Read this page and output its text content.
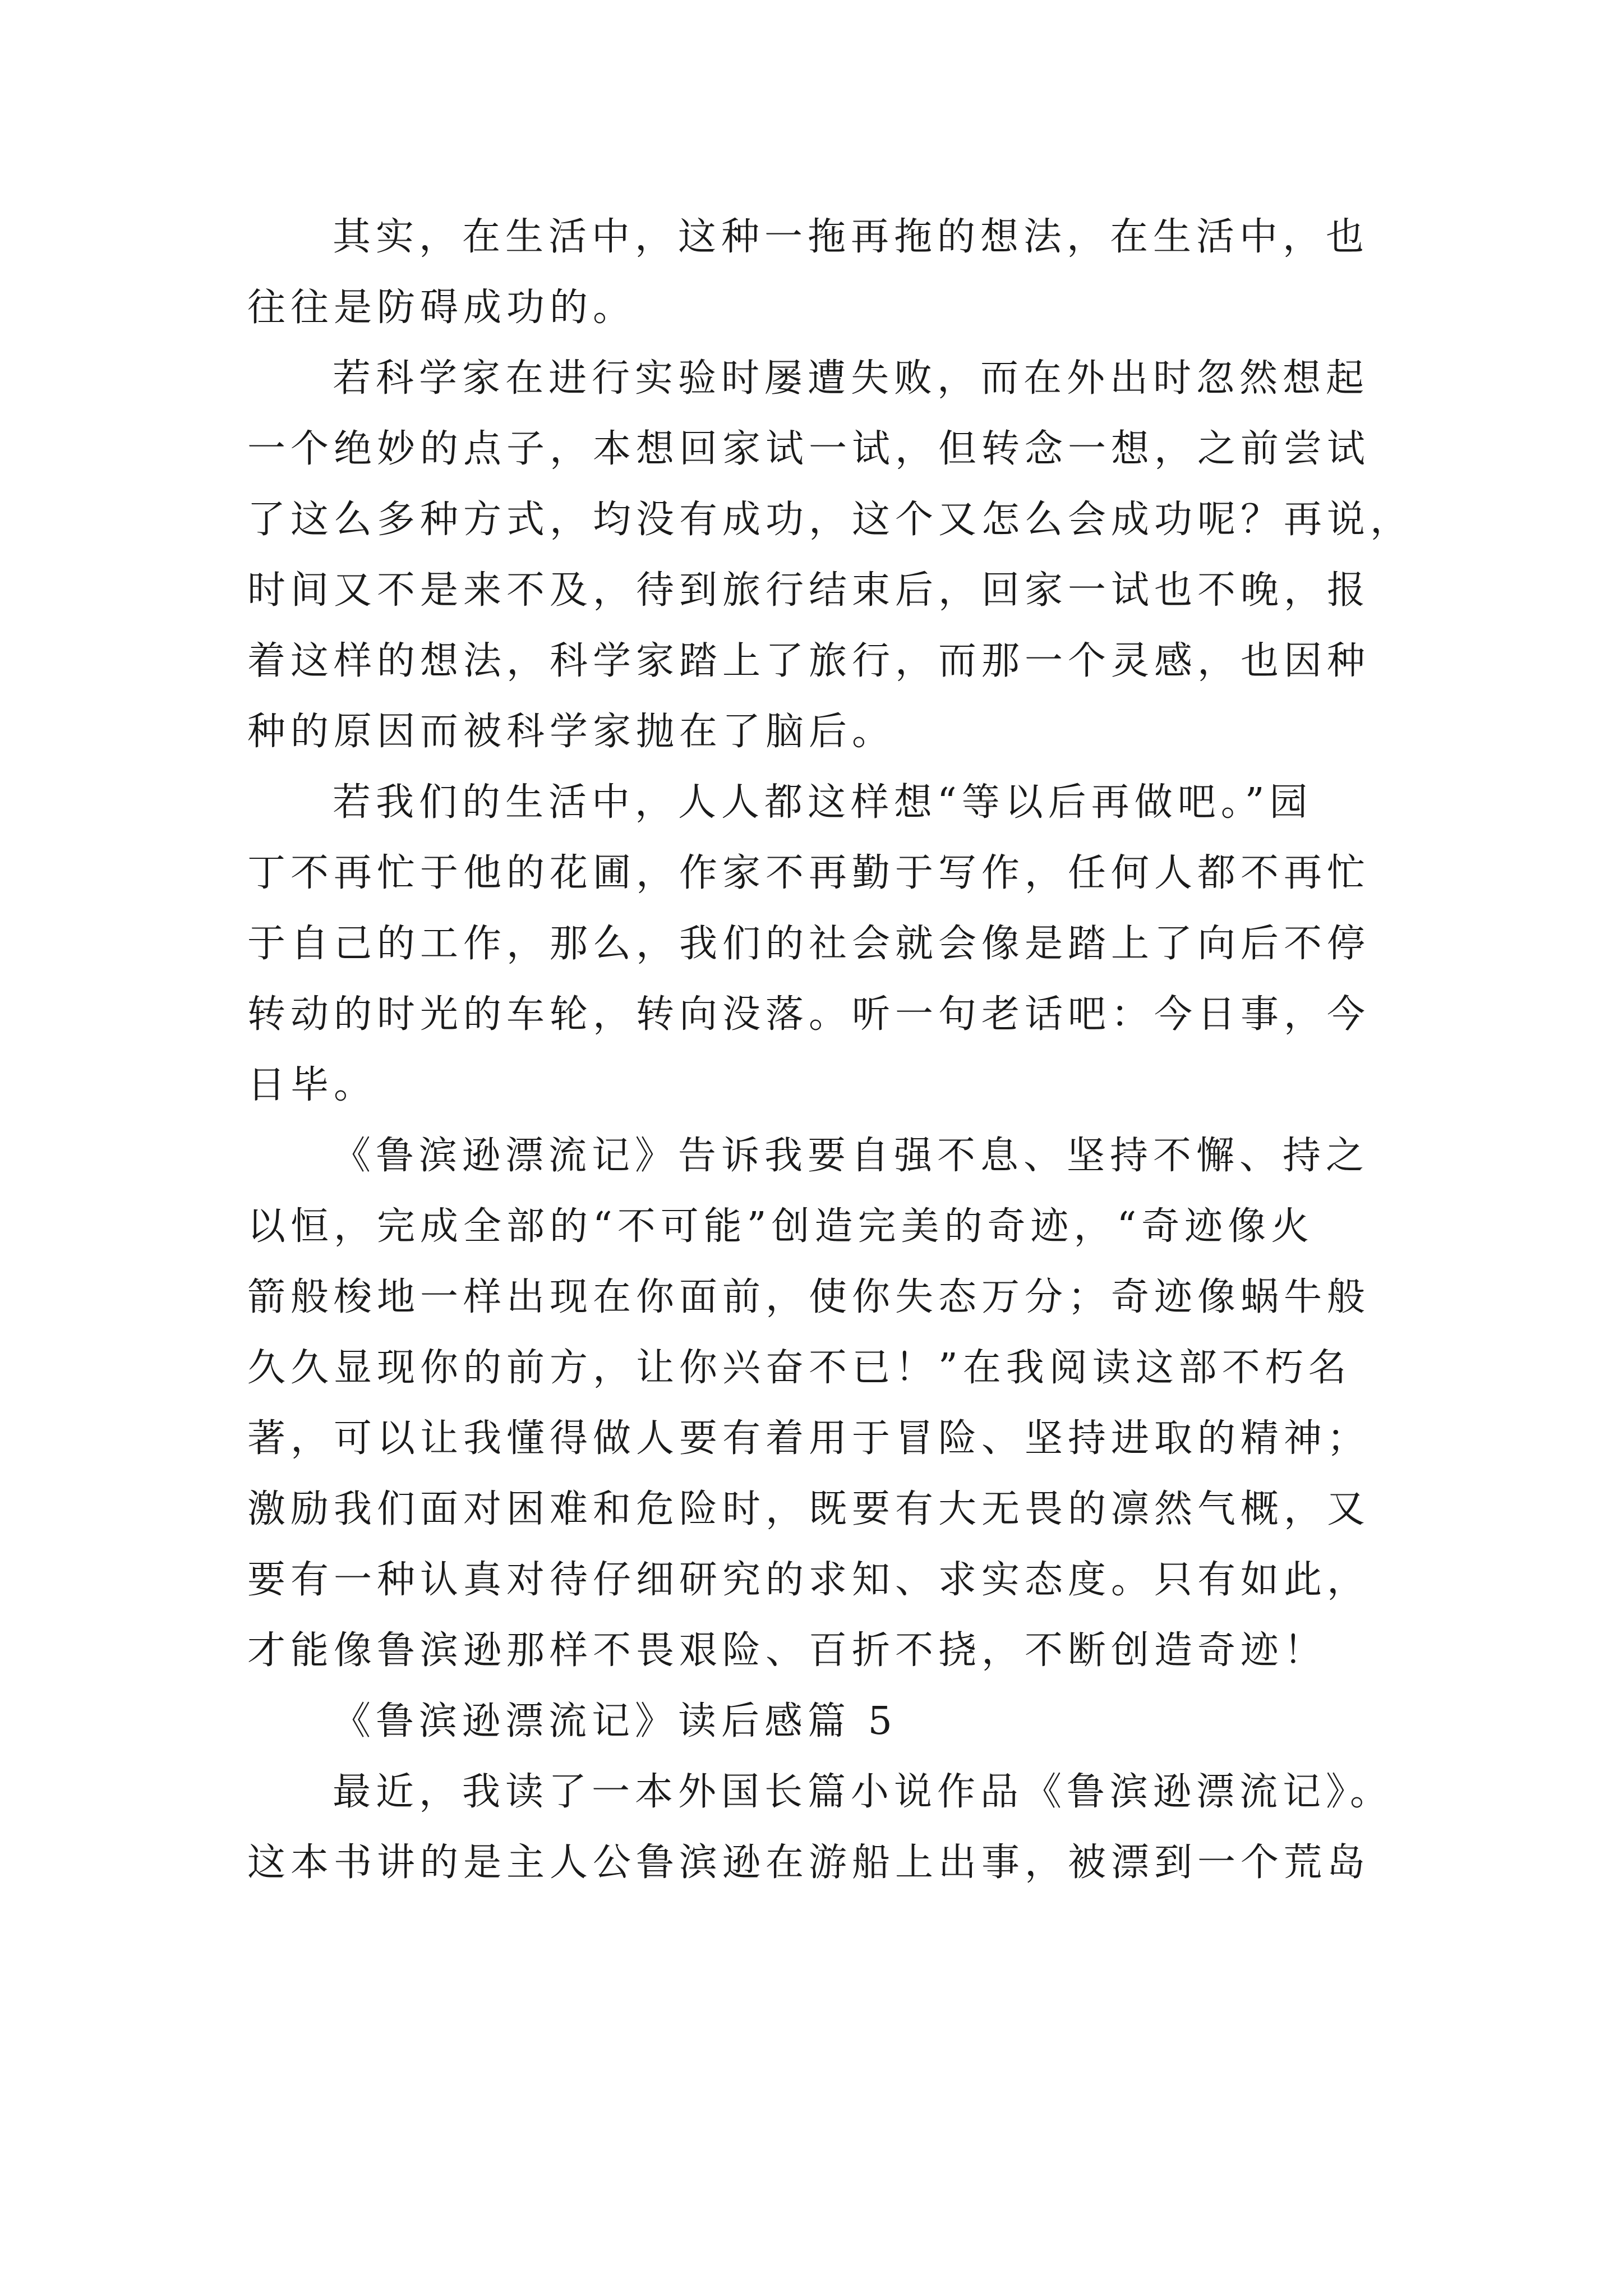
其实，在生活中，这种一拖再拖的想法，在生活中，也
往往是防碍成功的。

若科学家在进行实验时屡遭失败，而在外出时忽然想起
一个绝妙的点子，本想回家试一试，但转念一想，之前尝试
了这么多种方式，均没有成功，这个又怎么会成功呢？再说，
时间又不是来不及，待到旅行结束后，回家一试也不晚，报
着这样的想法，科学家踏上了旅行，而那一个灵感，也因种
种的原因而被科学家抛在了脑后。

若我们的生活中，人人都这样想“等以后再做吧。”园
丁不再忙于他的花圃，作家不再勤于写作，任何人都不再忙
于自己的工作，那么，我们的社会就会像是踏上了向后不停
转动的时光的车轮，转向没落。听一句老话吧：今日事，今
日毕。

《鲁滨逊漂流记》告诉我要自强不息、坚持不懈、持之
以恒，完成全部的“不可能”创造完美的奇迹，“奇迹像火
箭般梭地一样出现在你面前，使你失态万分；奇迹像蜗牛般
久久显现你的前方，让你兴奋不已！”在我阅读这部不朽名
著，可以让我懂得做人要有着用于冒险、坚持进取的精神；
激励我们面对困难和危险时，既要有大无畏的凛然气概，又
要有一种认真对待仔细研究的求知、求实态度。只有如此，
才能像鲁滨逊那样不畏艰险、百折不挠，不断创造奇迹！

《鲁滨逊漂流记》读后感篇 5

最近，我读了一本外国长篇小说作品《鲁滨逊漂流记》。
这本书讲的是主人公鲁滨逊在游船上出事，被漂到一个荒岛
